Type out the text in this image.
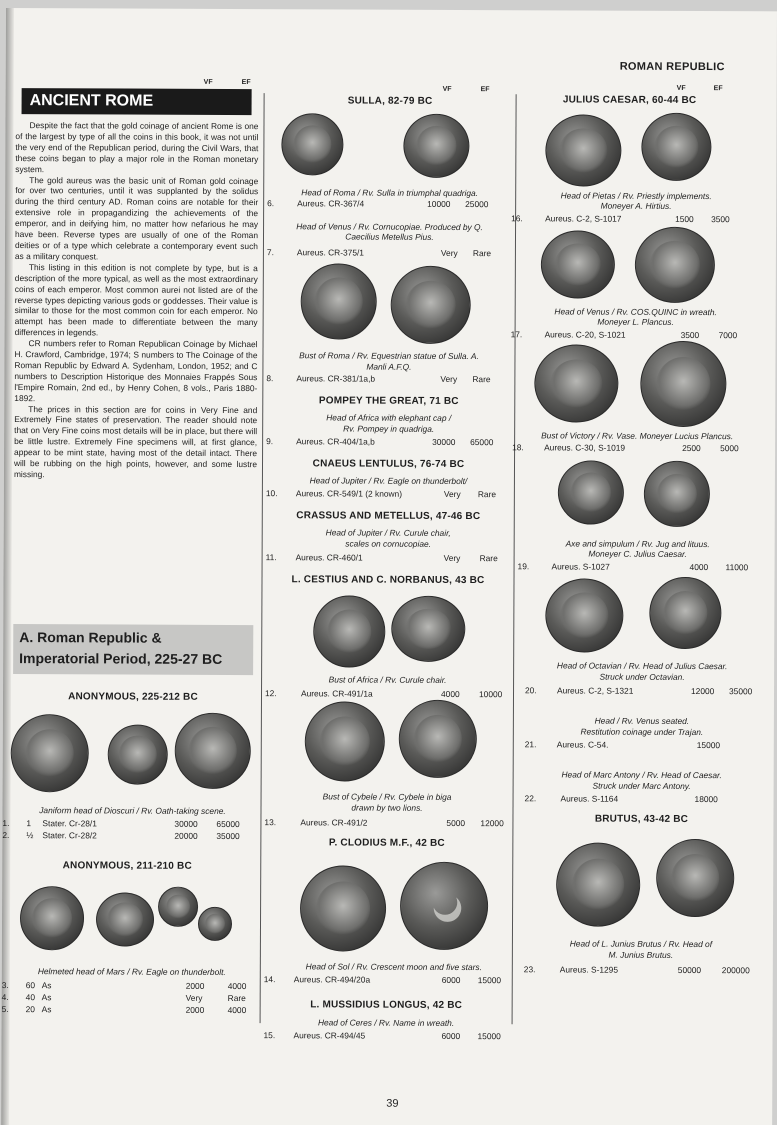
ROMAN REPUBLIC
VF	EF
VF	EF	VF	EF
ANCIENT ROME

Despite the fact that the gold coinage of ancient Rome is one of the largest by type of all the coins in this book, it was not until the very end of the Republican period, during the Civil Wars, that these coins began to play a major role in the Roman monetary system.

The gold aureus was the basic unit of Roman gold coinage for over two centuries, until it was supplanted by the solidus during the third century AD. Roman coins are notable for their extensive role in propagandizing the achievements of the emperor, and in deifying him, no matter how nefarious he may have been. Reverse types are usually of one of the Roman deities or of a type which celebrate a contemporary event such as a military conquest.

This listing in this edition is not complete by type, but is a description of the more typical, as well as the most extraordinary coins of each emperor. Most common aurei not listed are of the reverse types depicting various gods or goddesses. Their value is similar to those for the most common coin for each emperor. No attempt has been made to differentiate between the many differences in legends.

CR numbers refer to Roman Republican Coinage by Michael H. Crawford, Cambridge, 1974; S numbers to The Coinage of the Roman Republic by Edward A. Sydenham, London, 1952; and C numbers to Description Historique des Monnaies Frappés Sous l'Empire Romain, 2nd ed., by Henry Cohen, 8 vols., Paris 1880-1892.

The prices in this section are for coins in Very Fine and Extremely Fine states of preservation. The reader should note that on Very Fine coins most details will be in place, but there will be little lustre. Extremely Fine specimens will, at first glance, appear to be mint state, having most of the detail intact. There will be rubbing on the high points, however, and some lustre missing.

A. Roman Republic &
Imperatorial Period, 225-27 BC
ANONYMOUS, 225-212 BC
Janiform head of Dioscuri / Rv. Oath-taking scene.
1. 1 Stater. Cr-28/1	30000 65000
2. ½ Stater. Cr-28/2	20000 35000
ANONYMOUS, 211-210 BC
Helmeted head of Mars / Rv. Eagle on thunderbolt.
3. 60 As	2000	4000
4. 40 As	Very	Rare
5. 20 As	2000	4000
SULLA, 82-79 BC
Head of Roma / Rv. Sulla in triumphal quadriga.
6.	Aureus. CR-367/4	10000 25000
Head of Venus / Rv. Cornucopiae. Produced by Q.
Caecilius Metellus Pius.
7.	Aureus. CR-375/1	Very Rare
Bust of Roma / Rv. Equestrian statue of Sulla. A.
Manli A.F.Q.
8.	Aureus. CR-381/1a,b	Very Rare
POMPEY THE GREAT, 71 BC
Head of Africa with elephant cap /
Rv. Pompey in quadriga.
9.	Aureus. CR-404/1a,b	30000 65000
CNAEUS LENTULUS, 76-74 BC
Head of Jupiter / Rv. Eagle on thunderbolt/
10. Aureus. CR-549/1 (2 known)	Very Rare
CRASSUS AND METELLUS, 47-46 BC
Head of Jupiter / Rv. Curule chair,
scales on cornucopiae.
11. Aureus. CR-460/1	Very Rare
L. CESTIUS AND C. NORBANUS, 43 BC
Bust of Africa / Rv. Curule chair.
12.	Aureus. CR-491/1a	4000 10000
Bust of Cybele / Rv. Cybele in biga
drawn by two lions.
13.	Aureus. CR-491/2	5000 12000
P. CLODIUS M.F., 42 BC
Head of Sol / Rv. Crescent moon and five stars.
14. Aureus. CR-494/20a	6000 15000
L. MUSSIDIUS LONGUS, 42 BC
Head of Ceres / Rv. Name in wreath.
15. Aureus. CR-494/45	6000 15000
JULIUS CAESAR, 60-44 BC
Head of Pietas / Rv. Priestly implements.
Moneyer A. Hirtius.
16.	Aureus. C-2, S-1017	1500 3500
Head of Venus / Rv. COS.QUINC in wreath.
Moneyer L. Plancus.
17.	Aureus. C-20, S-1021	3500 7000
Bust of Victory / Rv. Vase. Moneyer Lucius Plancus.
18. Aureus. C-30, S-1019	2500 5000
Axe and simpulum / Rv. Jug and lituus.
Moneyer C. Julius Caesar.
19.	Aureus. S-1027	4000 11000
Head of Octavian / Rv. Head of Julius Caesar.
Struck under Octavian.
20. Aureus. C-2, S-1321	12000 35000
Head / Rv. Venus seated.
Restitution coinage under Trajan.
21. Aureus. C-54.	15000
Head of Marc Antony / Rv. Head of Caesar.
Struck under Marc Antony.
22.	Aureus. S-1164	18000
BRUTUS, 43-42 BC
Head of L. Junius Brutus / Rv. Head of
M. Junius Brutus.
23.	Aureus. S-1295	50000 200000
39
